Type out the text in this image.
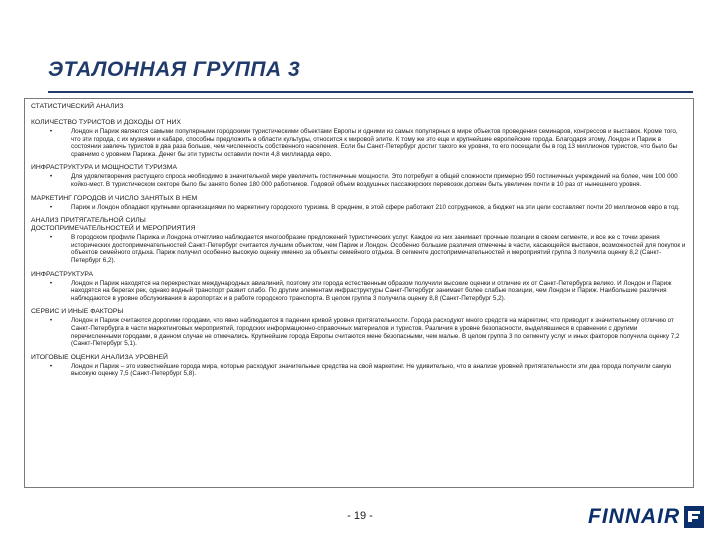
ЭТАЛОННАЯ ГРУППА 3
СТАТИСТИЧЕСКИЙ АНАЛИЗ
КОЛИЧЕСТВО ТУРИСТОВ И ДОХОДЫ ОТ НИХ
•	Лондон и Париж являются самыми популярными городскими туристическими объектами Европы и одними из самых популярных в мире объектов проведения семинаров, конгрессов и выставок. Кроме того, что эти города, с их музеями и кабаре, способны предложить в области культуры, относится к мировой элите. К тому же это еще и крупнейшие европейские города. Благодаря этому, Лондон и Париж в состоянии завлечь туристов в два раза больше, чем численность собственного населения. Если бы Санкт-Петербург достиг такого же уровня, то его посещали бы в год 13 миллионов туристов, что было бы сравнимо с уровнем Парижа. Денег бы эти туристы оставили почти 4,8 миллиарда евро.
ИНФРАСТРУКТУРА И МОЩНОСТИ ТУРИЗМА
•	Для удовлетворения растущего спроса необходимо в значительной мере увеличить гостиничные мощности. Это потребует в общей сложности примерно 950 гостиничных учреждений на более, чем 100 000 койко-мест. В туристическом секторе было бы занято более 180 000 работников. Годовой объем воздушных пассажирских перевозок должен быть увеличен почти в 10 раз от нынешнего уровня.
МАРКЕТИНГ ГОРОДОВ И ЧИСЛО ЗАНЯТЫХ В НЕМ
•	Париж и Лондон обладают крупными организациями по маркетингу городского туризма. В среднем, в этой сфере работают 210 сотрудников, а бюджет на эти цели составляет почти 20 миллионов евро в год.
АНАЛИЗ ПРИТЯГАТЕЛЬНОЙ СИЛЫ
ДОСТОПРИМЕЧАТЕЛЬНОСТЕЙ И МЕРОПРИЯТИЯ
•	В городском профиле Парижа и Лондона отчетливо наблюдается многообразие предложений туристических услуг. Каждое из них занимает прочные позиции в своем сегменте, и все же с точки зрения исторических достопримечательностей Санкт-Петербург считается лучшим объектом, чем Париж и Лондон. Особенно большие различия отмечены в части, касающейся выставок, возможностей для покупок и объектов семейного отдыха. Париж получил особенно высокую оценку именно за объекты семейного отдыха. В сегменте достопримечательностей и мероприятий группа 3 получила оценку 8,2 (Санкт-Петербург 6,2).
ИНФРАСТРУКТУРА
•	Лондон и Париж находятся на перекрестках международных авиалиний, поэтому эти города естественным образом получили высокие оценки и отличие их от Санкт-Петербурга велико. И Лондон и Париж находятся на берегах рек, однако водный транспорт развит слабо. По другим элементам инфраструктуры Санкт-Петербург занимает более слабые позиции, чем Лондон и Париж. Наибольшие различия наблюдаются в уровне обслуживания в аэропортах и в работе городского транспорта. В целом группа 3 получила оценку 8,8 (Санкт-Петербург 5,2).
СЕРВИС И ИНЫЕ ФАКТОРЫ
•	Лондон и Париж считаются дорогими городами, что явно наблюдается в падении кривой уровня притягательности. Города расходуют много средств на маркетинг, что приводит к значительному отличию от Санкт-Петербурга в части маркетинговых мероприятий, городских информационно-справочных материалов и туристов. Различия в уровне безопасности, выделявшиеся в сравнении с другими перечисленными городами, в данном случае не отмечались. Крупнейшие города Европы считаются мене безопасными, чем малые. В целом группа 3 по сегменту услуг и иных факторов получила оценку 7,2 (Санкт-Петербург 5,1).
ИТОГОВЫЕ ОЦЕНКИ АНАЛИЗА УРОВНЕЙ
•	Лондон и Париж – это известнейшие города мира, которые расходуют значительные средства на свой маркетинг. Не удивительно, что в анализе уровней притягательности эти два города получили самую высокую оценку 7,5 (Санкт-Петербург 5,8).
- 19 -	FINNAIR
